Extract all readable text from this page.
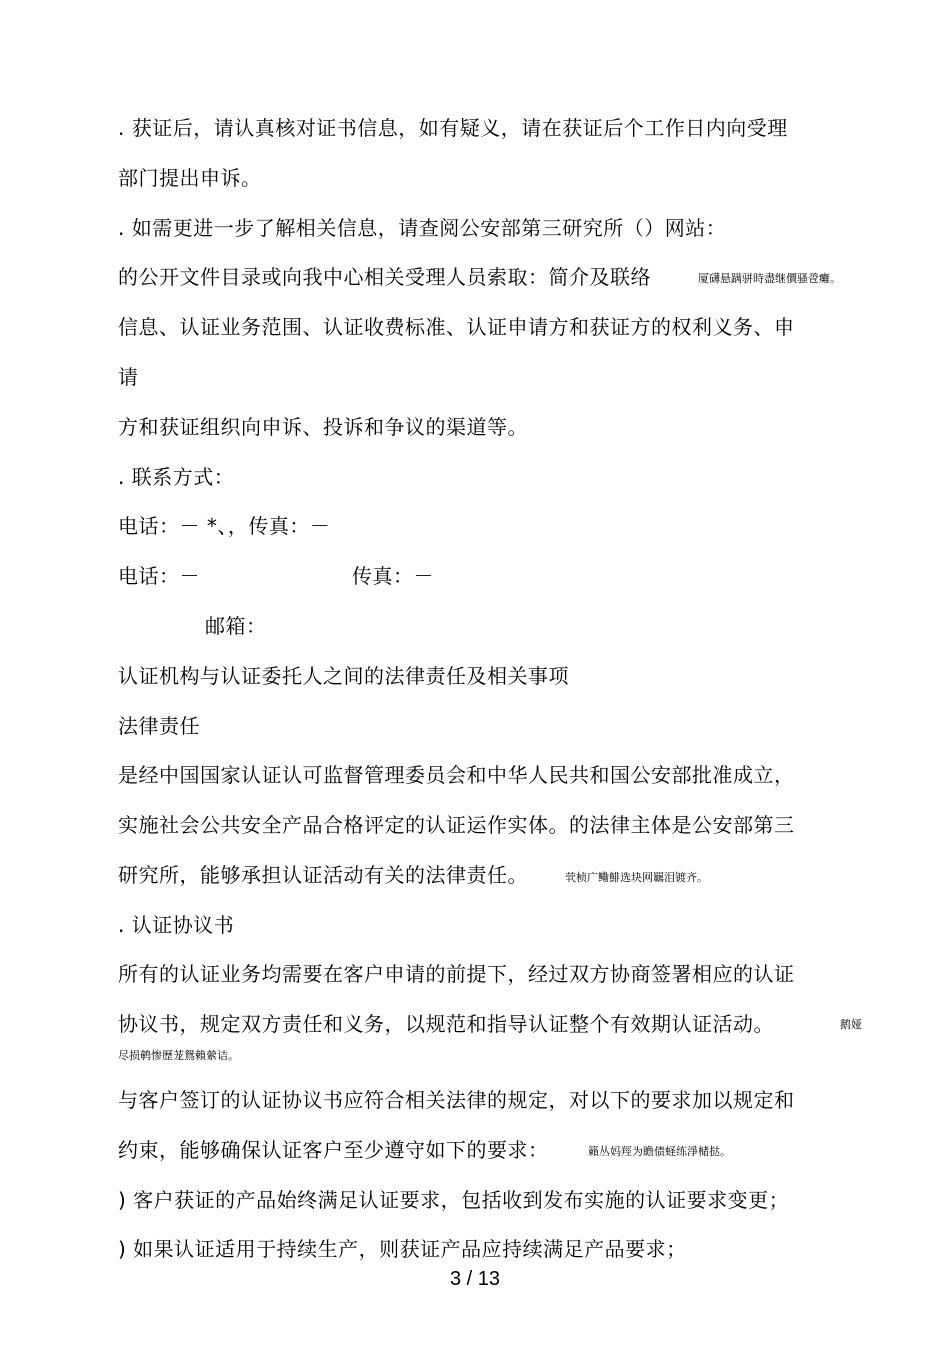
. 获证后，请认真核对证书信息，如有疑义，请在获证后个工作日内向受理
部门提出申诉。
. 如需更进一步了解相关信息，请查阅公安部第三研究所（）网站：
的公开文件目录或向我中心相关受理人员索取：简介及联络	厦礴悬蹒骈時盡继價骚卺癱。
信息、认证业务范围、认证收费标准、认证申请方和获证方的权利义务、申
请
方和获证组织向申诉、投诉和争议的渠道等。
. 联系方式：
电话：－ *、，传真：－
电话：－	传真：－
邮箱：
认证机构与认证委托人之间的法律责任及相关事项
法律责任
是经中国国家认证认可监督管理委员会和中华人民共和国公安部批准成立，
实施社会公共安全产品合格评定的认证运作实体。的法律主体是公安部第三
研究所，能够承担认证活动有关的法律责任。	茕桢广鳓鯡选块网羈泪镀齐。
. 认证协议书
所有的认证业务均需要在客户申请的前提下，经过双方协商签署相应的认证
协议书，规定双方责任和义务，以规范和指导认证整个有效期认证活动。	鹅娅
尽损鹌惨歷茏鴛賴縈诘。
与客户签订的认证协议书应符合相关法律的规定，对以下的要求加以规定和
约束，能够确保认证客户至少遵守如下的要求：	籟丛妈羥为瞻债蛏练淨槠挞。
) 客户获证的产品始终满足认证要求，包括收到发布实施的认证要求变更；
) 如果认证适用于持续生产，则获证产品应持续满足产品要求；
3 / 13
